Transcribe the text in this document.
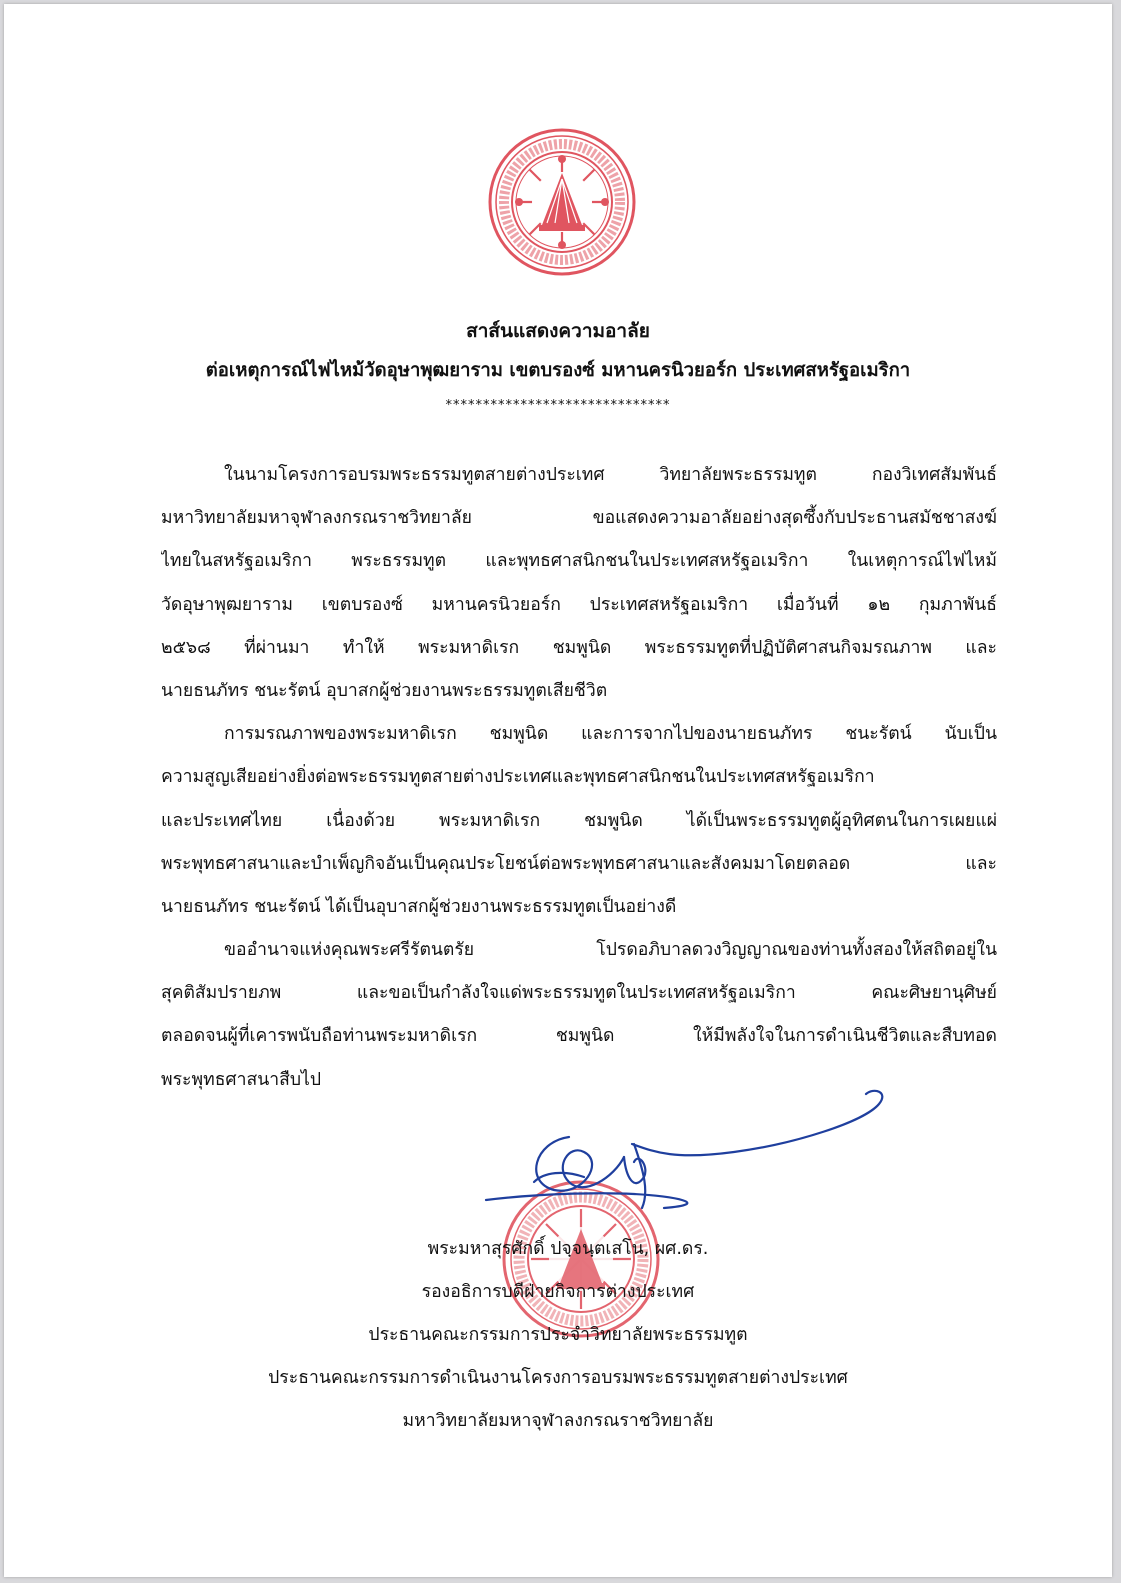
สาส์นแสดงความอาลัย
ต่อเหตุการณ์ไฟไหม้วัดอุษาพุฒยาราม เขตบรองซ์ มหานครนิวยอร์ก ประเทศสหรัฐอเมริกา
******************************
ในนามโครงการอบรมพระธรรมทูตสายต่างประเทศ วิทยาลัยพระธรรมทูต กองวิเทศสัมพันธ์
มหาวิทยาลัยมหาจุฬาลงกรณราชวิทยาลัย ขอแสดงความอาลัยอย่างสุดซึ้งกับประธานสมัชชาสงฆ์
ไทยในสหรัฐอเมริกา พระธรรมทูต และพุทธศาสนิกชนในประเทศสหรัฐอเมริกา ในเหตุการณ์ไฟไหม้
วัดอุษาพุฒยาราม เขตบรองซ์ มหานครนิวยอร์ก ประเทศสหรัฐอเมริกา เมื่อวันที่ ๑๒ กุมภาพันธ์
๒๕๖๘ ที่ผ่านมา ทำให้ พระมหาดิเรก ชมพูนิด พระธรรมทูตที่ปฏิบัติศาสนกิจมรณภาพ และ
นายธนภัทร ชนะรัตน์ อุบาสกผู้ช่วยงานพระธรรมทูตเสียชีวิต
การมรณภาพของพระมหาดิเรก ชมพูนิด และการจากไปของนายธนภัทร ชนะรัตน์ นับเป็น
ความสูญเสียอย่างยิ่งต่อพระธรรมทูตสายต่างประเทศและพุทธศาสนิกชนในประเทศสหรัฐอเมริกา
และประเทศไทย เนื่องด้วย พระมหาดิเรก ชมพูนิด ได้เป็นพระธรรมทูตผู้อุทิศตนในการเผยแผ่
พระพุทธศาสนาและบำเพ็ญกิจอันเป็นคุณประโยชน์ต่อพระพุทธศาสนาและสังคมมาโดยตลอด และ
นายธนภัทร ชนะรัตน์ ได้เป็นอุบาสกผู้ช่วยงานพระธรรมทูตเป็นอย่างดี
ขออำนาจแห่งคุณพระศรีรัตนตรัย โปรดอภิบาลดวงวิญญาณของท่านทั้งสองให้สถิตอยู่ใน
สุคติสัมปรายภพ และขอเป็นกำลังใจแด่พระธรรมทูตในประเทศสหรัฐอเมริกา คณะศิษยานุศิษย์
ตลอดจนผู้ที่เคารพนับถือท่านพระมหาดิเรก ชมพูนิด ให้มีพลังใจในการดำเนินชีวิตและสืบทอด
พระพุทธศาสนาสืบไป
พระมหาสุรศักดิ์ ปจฺจนฺตเสโน, ผศ.ดร.
รองอธิการบดีฝ่ายกิจการต่างประเทศ
ประธานคณะกรรมการประจำวิทยาลัยพระธรรมทูต
ประธานคณะกรรมการดำเนินงานโครงการอบรมพระธรรมทูตสายต่างประเทศ
มหาวิทยาลัยมหาจุฬาลงกรณราชวิทยาลัย
